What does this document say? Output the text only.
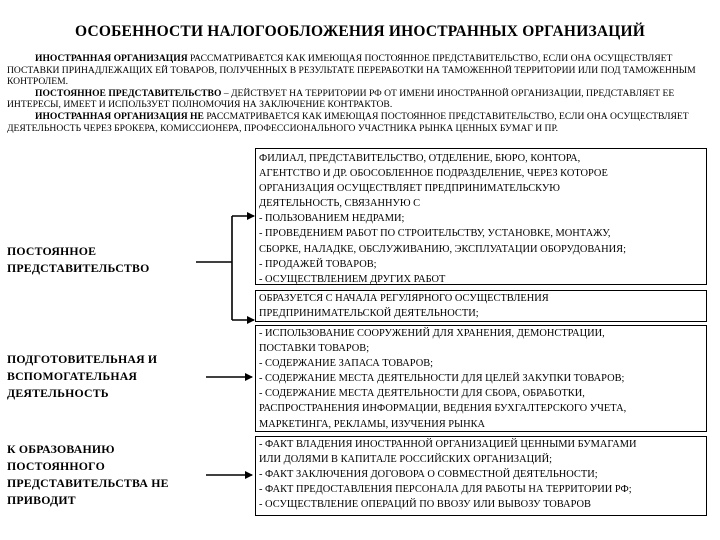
ОСОБЕННОСТИ НАЛОГООБЛОЖЕНИЯ ИНОСТРАННЫХ ОРГАНИЗАЦИЙ

ИНОСТРАННАЯ ОРГАНИЗАЦИЯ РАССМАТРИВАЕТСЯ КАК ИМЕЮЩАЯ ПОСТОЯННОЕ ПРЕДСТАВИТЕЛЬСТВО, ЕСЛИ ОНА ОСУЩЕСТВЛЯЕТ ПОСТАВКИ ПРИНАДЛЕЖАЩИХ ЕЙ ТОВАРОВ, ПОЛУЧЕННЫХ В РЕЗУЛЬТАТЕ ПЕРЕРАБОТКИ НА ТАМОЖЕННОЙ ТЕРРИТОРИИ ИЛИ ПОД ТАМОЖЕННЫМ КОНТРОЛЕМ.

ПОСТОЯННОЕ ПРЕДСТАВИТЕЛЬСТВО – ДЕЙСТВУЕТ НА ТЕРРИТОРИИ РФ ОТ ИМЕНИ ИНОСТРАННОЙ ОРГАНИЗАЦИИ, ПРЕДСТАВЛЯЕТ ЕЕ ИНТЕРЕСЫ, ИМЕЕТ И ИСПОЛЬЗУЕТ ПОЛНОМОЧИЯ НА ЗАКЛЮЧЕНИЕ КОНТРАКТОВ.

ИНОСТРАННАЯ ОРГАНИЗАЦИЯ НЕ РАССМАТРИВАЕТСЯ КАК ИМЕЮЩАЯ ПОСТОЯННОЕ ПРЕДСТАВИТЕЛЬСТВО, ЕСЛИ ОНА ОСУЩЕСТВЛЯЕТ ДЕЯТЕЛЬНОСТЬ ЧЕРЕЗ БРОКЕРА, КОМИССИОНЕРА, ПРОФЕССИОНАЛЬНОГО УЧАСТНИКА РЫНКА ЦЕННЫХ БУМАГ И ПР.

ПОСТОЯННОЕ ПРЕДСТАВИТЕЛЬСТВО
ПОДГОТОВИТЕЛЬНАЯ И ВСПОМОГАТЕЛЬНАЯ ДЕЯТЕЛЬНОСТЬ
К ОБРАЗОВАНИЮ ПОСТОЯННОГО ПРЕДСТАВИТЕЛЬСТВА НЕ ПРИВОДИТ
ФИЛИАЛ, ПРЕДСТАВИТЕЛЬСТВО, ОТДЕЛЕНИЕ, БЮРО, КОНТОРА,
АГЕНТСТВО И ДР. ОБОСОБЛЕННОЕ ПОДРАЗДЕЛЕНИЕ, ЧЕРЕЗ КОТОРОЕ
ОРГАНИЗАЦИЯ ОСУЩЕСТВЛЯЕТ ПРЕДПРИНИМАТЕЛЬСКУЮ
ДЕЯТЕЛЬНОСТЬ, СВЯЗАННУЮ С
- ПОЛЬЗОВАНИЕМ НЕДРАМИ;
- ПРОВЕДЕНИЕМ РАБОТ ПО СТРОИТЕЛЬСТВУ, УСТАНОВКЕ, МОНТАЖУ,
СБОРКЕ, НАЛАДКЕ, ОБСЛУЖИВАНИЮ, ЭКСПЛУАТАЦИИ ОБОРУДОВАНИЯ;
- ПРОДАЖЕЙ ТОВАРОВ;
- ОСУЩЕСТВЛЕНИЕМ ДРУГИХ РАБОТ
ОБРАЗУЕТСЯ С НАЧАЛА РЕГУЛЯРНОГО ОСУЩЕСТВЛЕНИЯ
ПРЕДПРИНИМАТЕЛЬСКОЙ ДЕЯТЕЛЬНОСТИ;
- ИСПОЛЬЗОВАНИЕ СООРУЖЕНИЙ ДЛЯ ХРАНЕНИЯ, ДЕМОНСТРАЦИИ,
ПОСТАВКИ ТОВАРОВ;
- СОДЕРЖАНИЕ ЗАПАСА ТОВАРОВ;
- СОДЕРЖАНИЕ МЕСТА ДЕЯТЕЛЬНОСТИ ДЛЯ ЦЕЛЕЙ ЗАКУПКИ ТОВАРОВ;
- СОДЕРЖАНИЕ МЕСТА ДЕЯТЕЛЬНОСТИ ДЛЯ СБОРА, ОБРАБОТКИ,
РАСПРОСТРАНЕНИЯ ИНФОРМАЦИИ, ВЕДЕНИЯ БУХГАЛТЕРСКОГО УЧЕТА,
МАРКЕТИНГА, РЕКЛАМЫ, ИЗУЧЕНИЯ РЫНКА
- ФАКТ ВЛАДЕНИЯ ИНОСТРАННОЙ ОРГАНИЗАЦИЕЙ ЦЕННЫМИ БУМАГАМИ
ИЛИ ДОЛЯМИ В КАПИТАЛЕ РОССИЙСКИХ ОРГАНИЗАЦИЙ;
- ФАКТ ЗАКЛЮЧЕНИЯ ДОГОВОРА О СОВМЕСТНОЙ ДЕЯТЕЛЬНОСТИ;
- ФАКТ ПРЕДОСТАВЛЕНИЯ ПЕРСОНАЛА ДЛЯ РАБОТЫ НА ТЕРРИТОРИИ РФ;
- ОСУЩЕСТВЛЕНИЕ ОПЕРАЦИЙ ПО ВВОЗУ ИЛИ ВЫВОЗУ ТОВАРОВ
